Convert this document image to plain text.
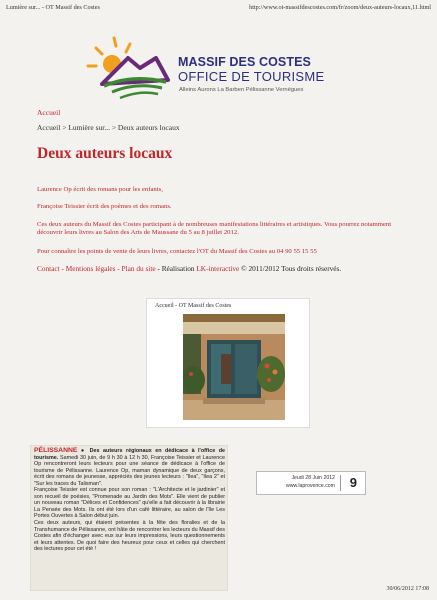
Lumière sur... - OT Massif des Costes	http://www.ot-massifdescostes.com/fr/zoom/deux-auteurs-locaux,11.html
MASSIF DES COSTES
OFFICE DE TOURISME
Alleins Aurons La Barben Pélissanne Vernègues
Accueil
Accueil > Lumière sur... > Deux auteurs locaux
Deux auteurs locaux

Laurence Op écrit des romans pour les enfants,

Françoise Teissier écrit des poèmes et des romans.

Ces deux auteurs du Massif des Costes participant à de nombreuses manifestations littéraires et artistiques. Vous pourrez notamment découvrir leurs livres au Salon des Arts de Maussane du 5 au 8 juillet 2012.

Pour connaître les points de vente de leurs livres, contactez l'OT du Massif des Costes au 04 90 55 15 55

Contact - Mentions légales - Plan du site - Réalisation LK-interactive © 2011/2012 Tous droits réservés.
Accueil - OT Massif des Costes

PÉLISSANNE ● Des auteurs régionaux en dédicace à l'office de tourisme. Samedi 30 juin, de 9 h 30 à 12 h 30, Françoise Teissier et Laurence Op rencontreront leurs lecteurs pour une séance de dédicace à l'office de tourisme de Pélissanne. Laurence Op, maman dynamique de deux garçons, écrit des romans de jeunesse, appréciés des jeunes lecteurs : "Ilea", "Ilea 2" et "Sur les traces du Talisman".

Françoise Teissier est connue pour son roman : "L'Architecte et le jardinier" et son recueil de poésies, "Promenade au Jardin des Mots". Elle vient de publier un nouveau roman "Délices et Confidences" qu'elle a fait découvrir à la librairie La Pensée des Mots. Ils ont été lors d'un café littéraire, au salon de l'île Les Portes Ouvertes à Salon début juin.

Ces deux auteurs, qui étaient présentes à la fête des floralies et de la Transhumance de Pélissanne, ont hâte de rencontrer les lecteurs du Massif des Costes afin d'échanger avec eux sur leurs impressions, leurs questionnements et leurs attentes. De quoi faire des heureux pour ceux et celles qui cherchent des lectures pour cet été !

Jeudi 28 Juin 2012
www.laprovence.com 9
30/06/2012 17:08
